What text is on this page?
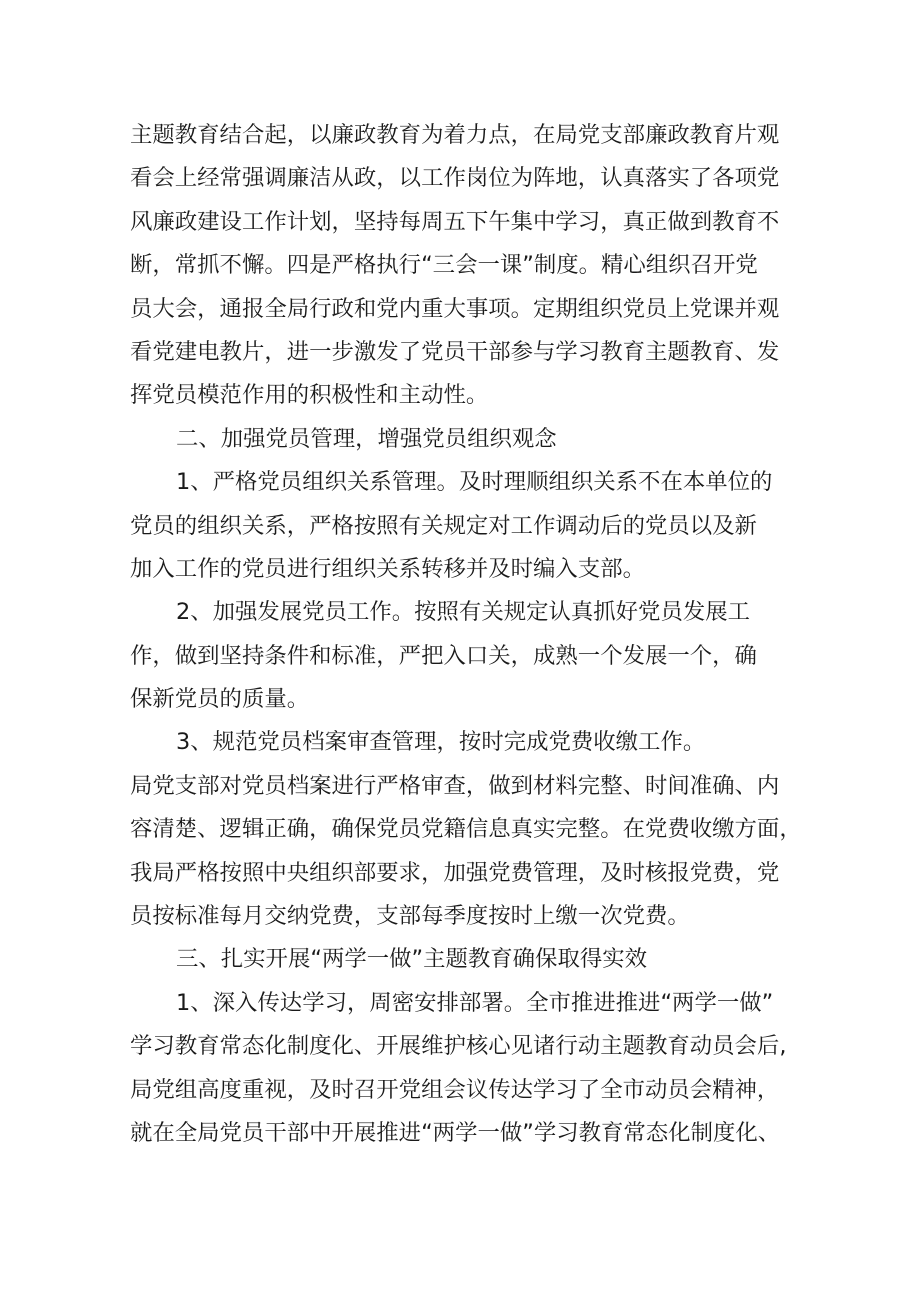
主题教育结合起，以廉政教育为着力点，在局党支部廉政教育片观
看会上经常强调廉洁从政，以工作岗位为阵地，认真落实了各项党
风廉政建设工作计划，坚持每周五下午集中学习，真正做到教育不
断，常抓不懈。四是严格执行“三会一课”制度。精心组织召开党
员大会，通报全局行政和党内重大事项。定期组织党员上党课并观
看党建电教片，进一步激发了党员干部参与学习教育主题教育、发
挥党员模范作用的积极性和主动性。
二、加强党员管理，增强党员组织观念
1、严格党员组织关系管理。及时理顺组织关系不在本单位的
党员的组织关系，严格按照有关规定对工作调动后的党员以及新
加入工作的党员进行组织关系转移并及时编入支部。
2、加强发展党员工作。按照有关规定认真抓好党员发展工
作，做到坚持条件和标准，严把入口关，成熟一个发展一个，确
保新党员的质量。
3、规范党员档案审查管理，按时完成党费收缴工作。
局党支部对党员档案进行严格审查，做到材料完整、时间准确、内
容清楚、逻辑正确，确保党员党籍信息真实完整。在党费收缴方面，
我局严格按照中央组织部要求，加强党费管理，及时核报党费，党
员按标准每月交纳党费，支部每季度按时上缴一次党费。
三、扎实开展“两学一做”主题教育确保取得实效
1、深入传达学习，周密安排部署。全市推进推进“两学一做”
学习教育常态化制度化、开展维护核心见诸行动主题教育动员会后,
局党组高度重视，及时召开党组会议传达学习了全市动员会精神，
就在全局党员干部中开展推进“两学一做”学习教育常态化制度化、
